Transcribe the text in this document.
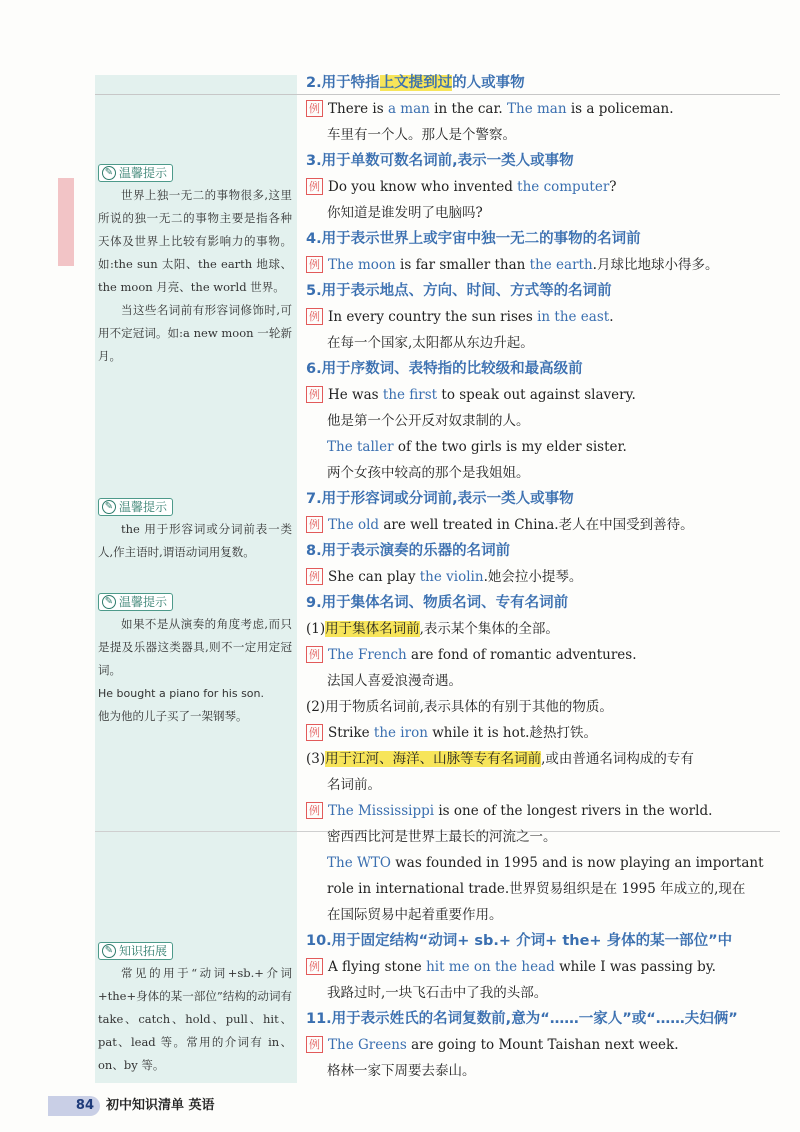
✎ 温馨提示

世界上独一无二的事物很多,这里所说的独一无二的事物主要是指各种天体及世界上比较有影响力的事物。如:the sun 太阳、the earth 地球、the moon 月亮、the world 世界。

当这些名词前有形容词修饰时,可用不定冠词。如:a new moon 一轮新月。

✎ 温馨提示

the 用于形容词或分词前表一类人,作主语时,谓语动词用复数。

✎ 温馨提示

如果不是从演奏的角度考虑,而只是提及乐器这类器具,则不一定用定冠词。

He bought a piano for his son.

他为他的儿子买了一架钢琴。

✎ 知识拓展

常见的用于“动词+sb.+介词+the+身体的某一部位”结构的动词有 take、catch、hold、pull、hit、pat、lead 等。常用的介词有 in、on、by 等。

2.用于特指上文提到过的人或事物
例 There is a man in the car. The man is a policeman.
车里有一个人。那人是个警察。
3.用于单数可数名词前,表示一类人或事物
例 Do you know who invented the computer?
你知道是谁发明了电脑吗?
4.用于表示世界上或宇宙中独一无二的事物的名词前
例 The moon is far smaller than the earth.月球比地球小得多。
5.用于表示地点、方向、时间、方式等的名词前
例 In every country the sun rises in the east.
在每一个国家,太阳都从东边升起。
6.用于序数词、表特指的比较级和最高级前
例 He was the first to speak out against slavery.
他是第一个公开反对奴隶制的人。
The taller of the two girls is my elder sister.
两个女孩中较高的那个是我姐姐。
7.用于形容词或分词前,表示一类人或事物
例 The old are well treated in China.老人在中国受到善待。
8.用于表示演奏的乐器的名词前
例 She can play the violin.她会拉小提琴。
9.用于集体名词、物质名词、专有名词前
(1)用于集体名词前,表示某个集体的全部。
例 The French are fond of romantic adventures.
法国人喜爱浪漫奇遇。
(2)用于物质名词前,表示具体的有别于其他的物质。
例 Strike the iron while it is hot.趁热打铁。
(3)用于江河、海洋、山脉等专有名词前,或由普通名词构成的专有
名词前。
例 The Mississippi is one of the longest rivers in the world.
密西西比河是世界上最长的河流之一。
The WTO was founded in 1995 and is now playing an important
role in international trade.世界贸易组织是在 1995 年成立的,现在
在国际贸易中起着重要作用。
10.用于固定结构“动词+ sb.+ 介词+ the+ 身体的某一部位”中
例 A flying stone hit me on the head while I was passing by.
我路过时,一块飞石击中了我的头部。
11.用于表示姓氏的名词复数前,意为“……一家人”或“……夫妇俩”
例 The Greens are going to Mount Taishan next week.
格林一家下周要去泰山。
84 初中知识清单 英语
